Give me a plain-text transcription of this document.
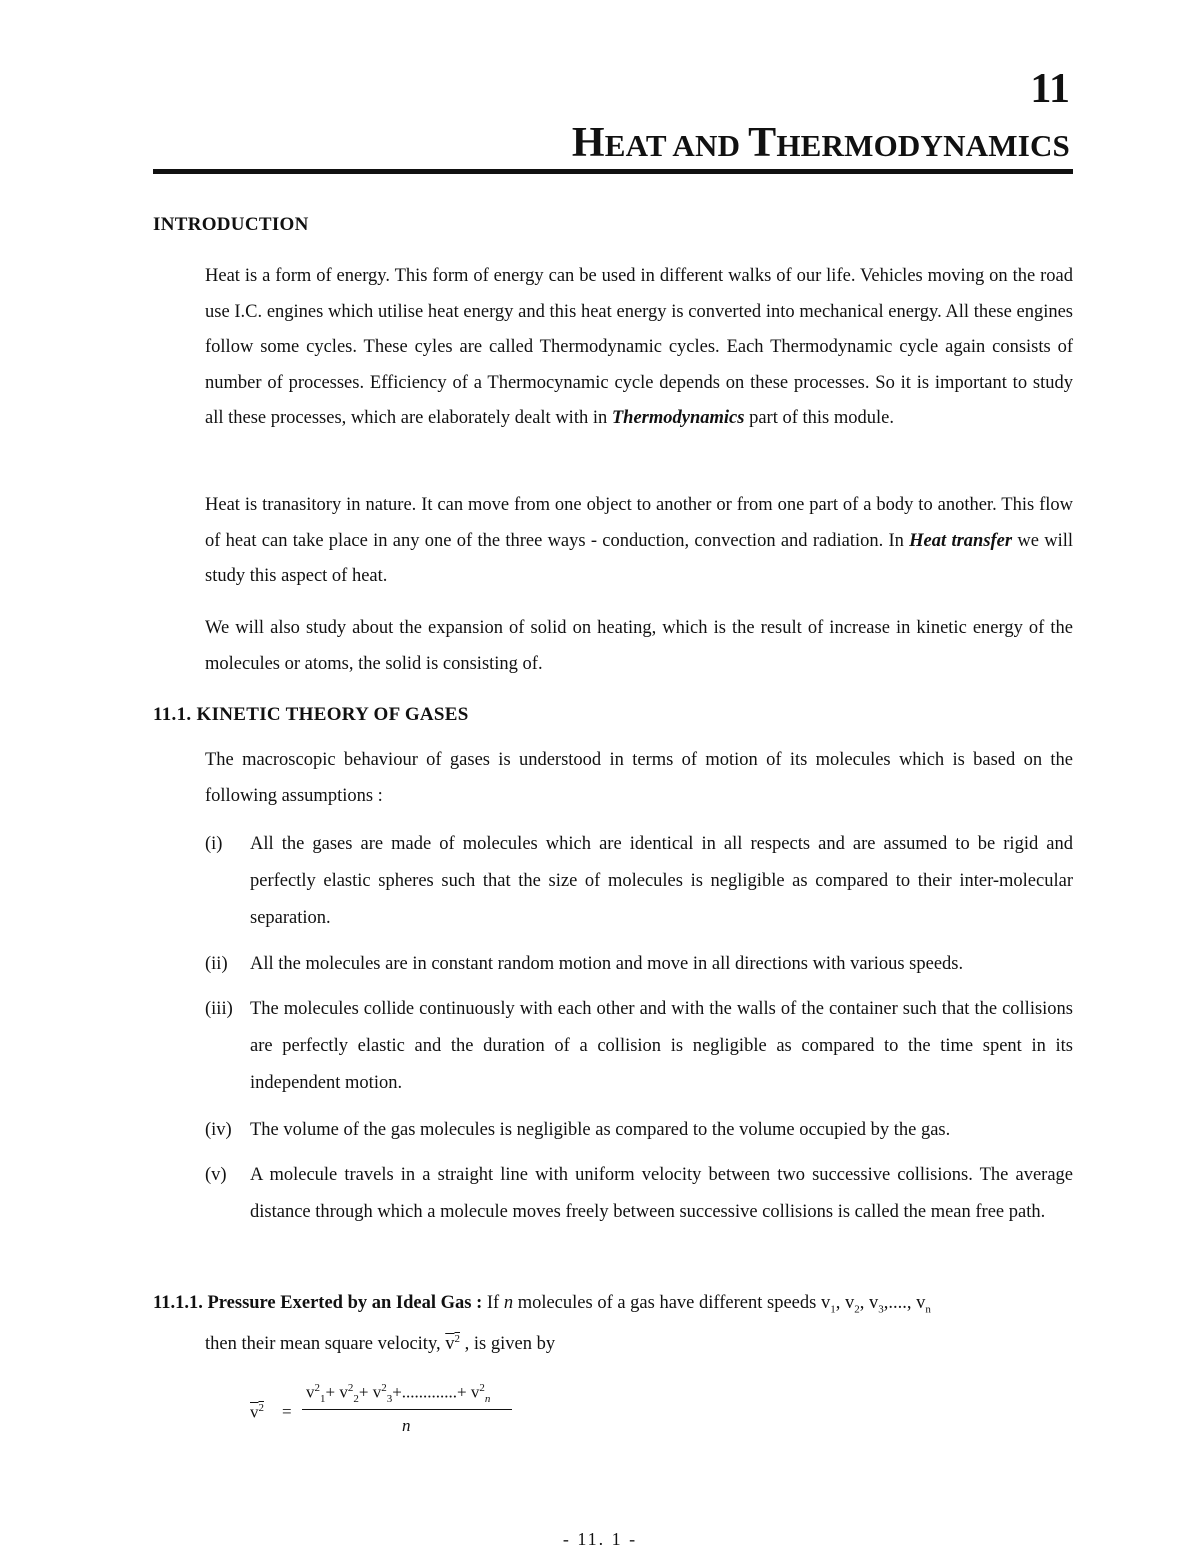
11
HEAT AND THERMODYNAMICS
INTRODUCTION
Heat is a form of energy. This form of energy can be used in different walks of our life. Vehicles moving on the road use I.C. engines which utilise heat energy and this heat energy is converted into mechanical energy. All these engines follow some cycles. These cyles are called Thermodynamic cycles. Each Thermodynamic cycle again consists of number of processes. Efficiency of a Thermocynamic cycle depends on these processes. So it is important to study all these processes, which are elaborately dealt with in Thermodynamics part of this module.
Heat is tranasitory in nature. It can move from one object to another or from one part of a body to another. This flow of heat can take place in any one of the three ways - conduction, convection and radiation. In Heat transfer we will study this aspect of heat.
We will also study about the expansion of solid on heating, which is the result of increase in kinetic energy of the molecules or atoms, the solid is consisting of.
11.1. KINETIC THEORY OF GASES
The macroscopic behaviour of gases is understood in terms of motion of its molecules which is based on the following assumptions :
(i) All the gases are made of molecules which are identical in all respects and are assumed to be rigid and perfectly elastic spheres such that the size of molecules is negligible as compared to their inter-molecular separation.
(ii) All the molecules are in constant random motion and move in all directions with various speeds.
(iii) The molecules collide continuously with each other and with the walls of the container such that the collisions are perfectly elastic and the duration of a collision is negligible as compared to the time spent in its independent motion.
(iv) The volume of the gas molecules is negligible as compared to the volume occupied by the gas.
(v) A molecule travels in a straight line with uniform velocity between two successive collisions. The average distance through which a molecule moves freely between successive collisions is called the mean free path.
11.1.1. Pressure Exerted by an Ideal Gas : If n molecules of a gas have different speeds $v_1$, $v_2$, $v_3$,...., $v_n$
then their mean square velocity, $v^2$ , is given by
$v^2$ =
$v^2_1+ v^2_2+ v^2_3+.............+ v^2_n$
n
- 11. 1 -
